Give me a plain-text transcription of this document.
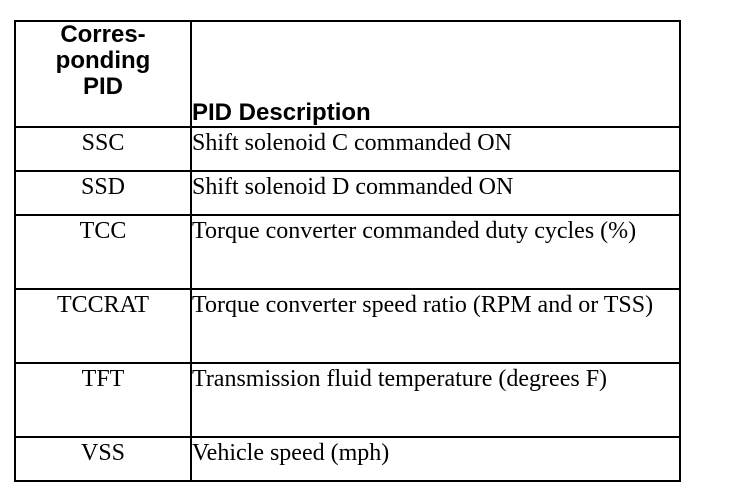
Corres-
ponding
PID	PID Description
SSC	Shift solenoid C commanded ON
SSD	Shift solenoid D commanded ON
TCC	Torque converter commanded duty cycles (%)
TCCRAT	Torque converter speed ratio (RPM and or TSS)
TFT	Transmission fluid temperature (degrees F)
VSS	Vehicle speed (mph)
